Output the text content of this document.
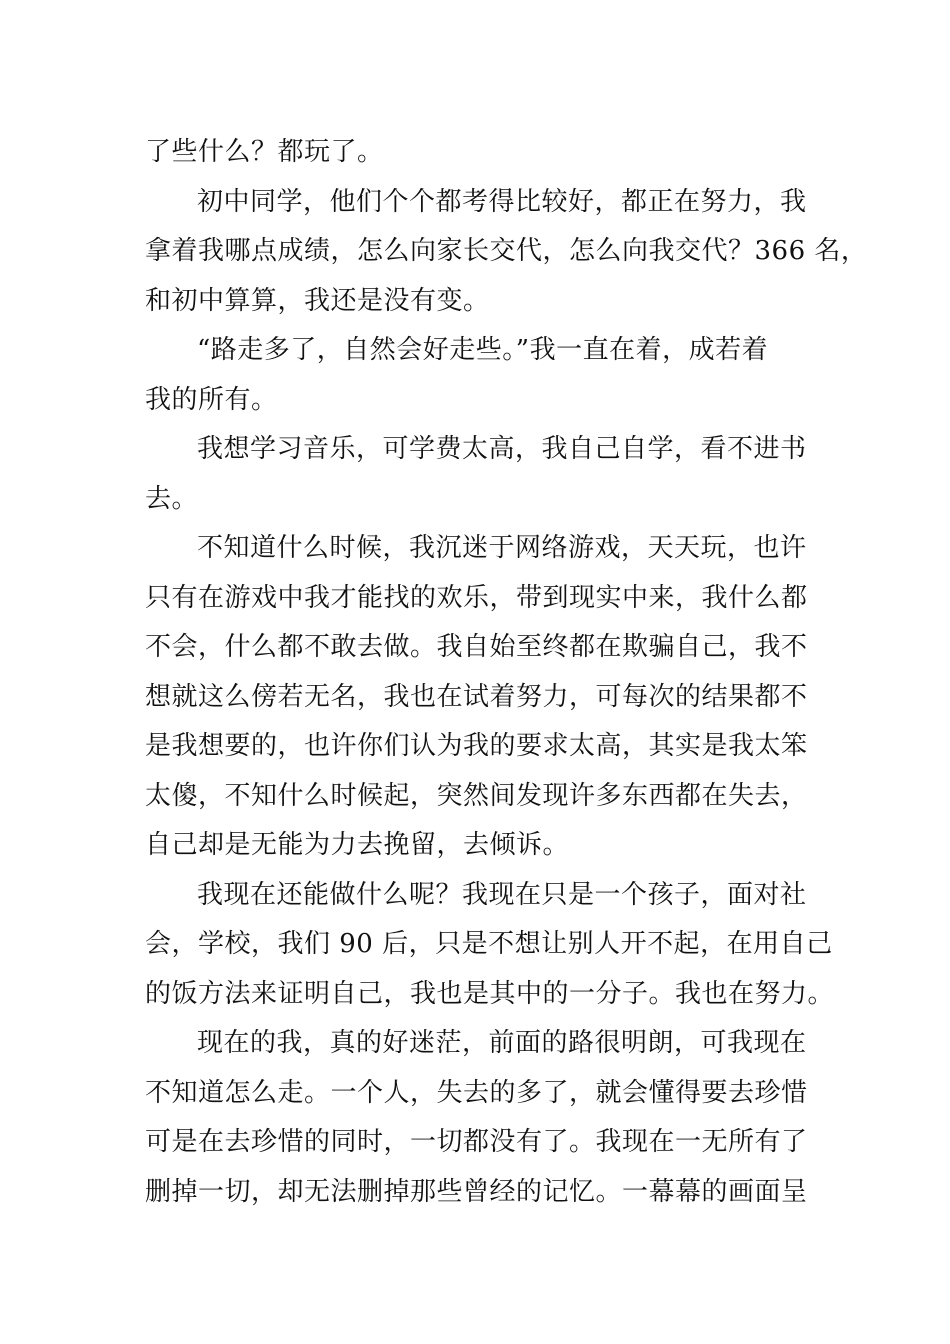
了些什么？都玩了。
初中同学，他们个个都考得比较好，都正在努力，我
拿着我哪点成绩，怎么向家长交代，怎么向我交代？366 名，
和初中算算，我还是没有变。
“路走多了，自然会好走些。”我一直在着，成若着
我的所有。
我想学习音乐，可学费太高，我自己自学，看不进书
去。
不知道什么时候，我沉迷于网络游戏，天天玩，也许
只有在游戏中我才能找的欢乐，带到现实中来，我什么都
不会，什么都不敢去做。我自始至终都在欺骗自己，我不
想就这么傍若无名，我也在试着努力，可每次的结果都不
是我想要的，也许你们认为我的要求太高，其实是我太笨
太傻，不知什么时候起，突然间发现许多东西都在失去，
自己却是无能为力去挽留，去倾诉。
我现在还能做什么呢？我现在只是一个孩子，面对社
会，学校，我们 90 后，只是不想让别人开不起，在用自己
的饭方法来证明自己，我也是其中的一分子。我也在努力。
现在的我，真的好迷茫，前面的路很明朗，可我现在
不知道怎么走。一个人，失去的多了，就会懂得要去珍惜
可是在去珍惜的同时，一切都没有了。我现在一无所有了
删掉一切，却无法删掉那些曾经的记忆。一幕幕的画面呈
